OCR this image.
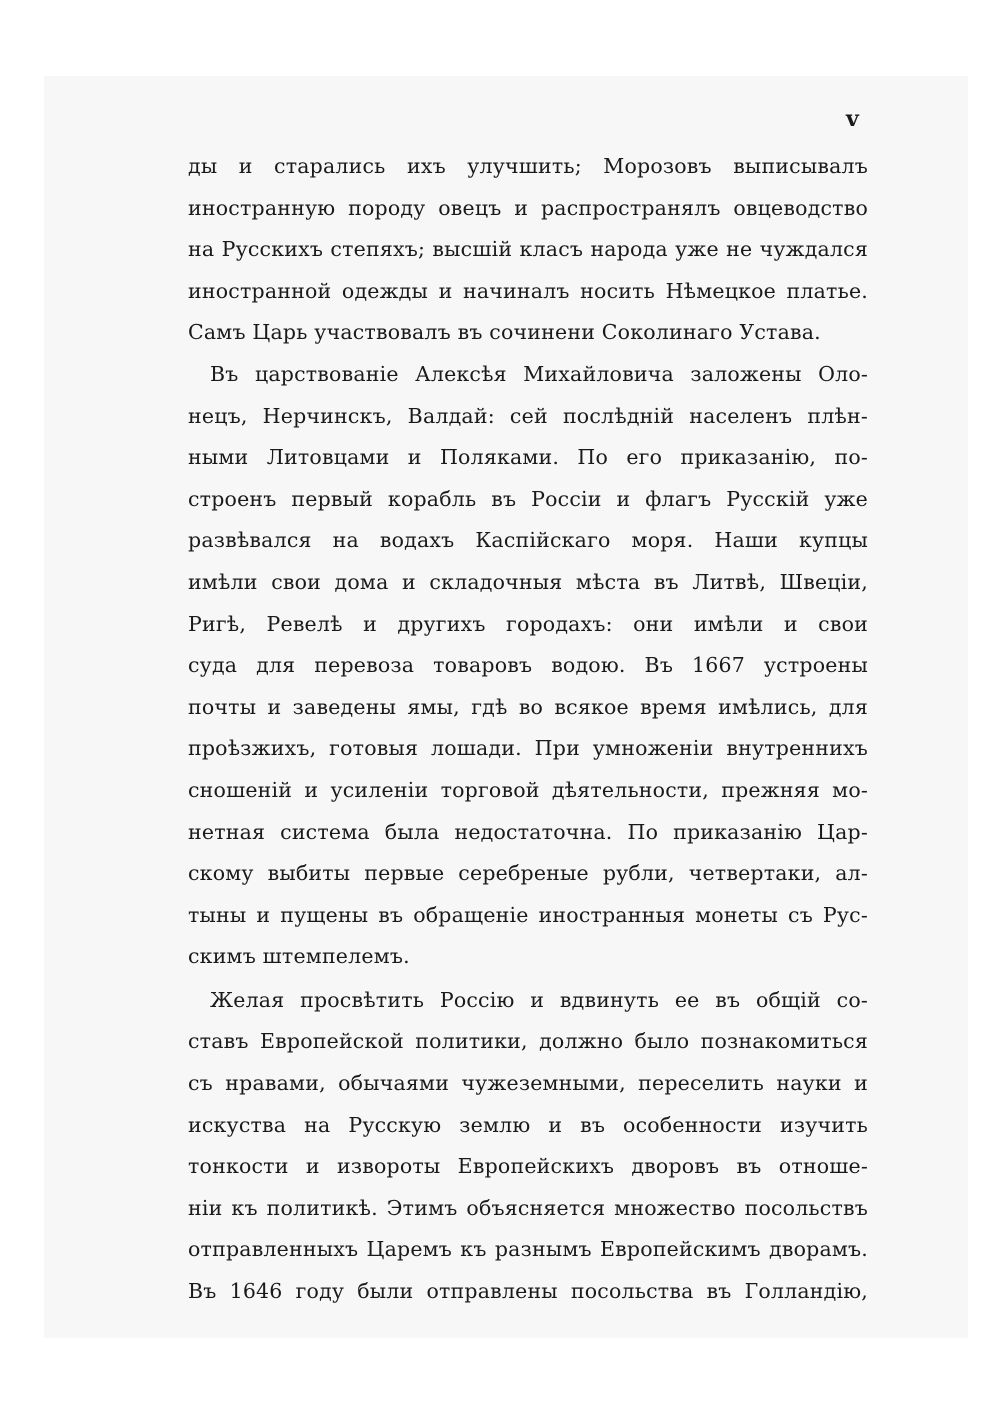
v
ды и старались ихъ улучшить; Морозовъ выписывалъ
иностранную породу овецъ и распространялъ овцеводство
на Русскихъ степяхъ; высшій класъ народа уже не чуждался
иностранной одежды и начиналъ носить Нѣмецкое платье.
Самъ Царь участвовалъ въ сочинени Соколинаго Устава.
Въ царствованіе Алексѣя Михайловича заложены Оло-
нецъ, Нерчинскъ, Валдай: сей послѣдній населенъ плѣн-
ными Литовцами и Поляками. По его приказанію, по-
строенъ первый корабль въ Россіи и флагъ Русскій уже
развѣвался на водахъ Каспійскаго моря. Наши купцы
имѣли свои дома и складочныя мѣста въ Литвѣ, Швеціи,
Ригѣ, Ревелѣ и другихъ городахъ: они имѣли и свои
суда для перевоза товаровъ водою. Въ 1667 устроены
почты и заведены ямы, гдѣ во всякое время имѣлись, для
проѣзжихъ, готовыя лошади. При умноженіи внутреннихъ
сношеній и усиленіи торговой дѣятельности, прежняя мо-
нетная система была недостаточна. По приказанію Цар-
скому выбиты первые серебреные рубли, четвертаки, ал-
тыны и пущены въ обращеніе иностранныя монеты съ Рус-
скимъ штемпелемъ.
Желая просвѣтить Россію и вдвинуть ее въ общій со-
ставъ Европейской политики, должно было познакомиться
съ нравами, обычаями чужеземными, переселить науки и
искуства на Русскую землю и въ особенности изучить
тонкости и извороты Европейскихъ дворовъ въ отноше-
ніи къ политикѣ. Этимъ объясняется множество посольствъ
отправленныхъ Царемъ къ разнымъ Европейскимъ дворамъ.
Въ 1646 году были отправлены посольства въ Голландію,
